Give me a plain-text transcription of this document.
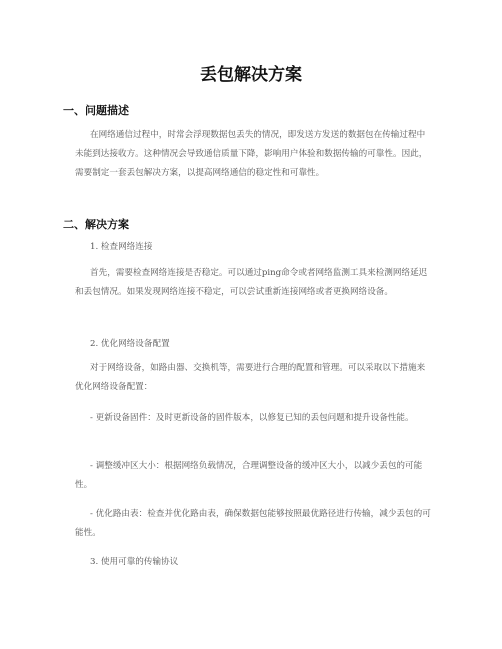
丢包解决方案
一、问题描述

在网络通信过程中，时常会浮现数据包丢失的情况，即发送方发送的数据包在传输过程中未能到达接收方。这种情况会导致通信质量下降，影响用户体验和数据传输的可靠性。因此，需要制定一套丢包解决方案，以提高网络通信的稳定性和可靠性。

二、解决方案

1. 检查网络连接

首先，需要检查网络连接是否稳定。可以通过ping命令或者网络监测工具来检测网络延迟和丢包情况。如果发现网络连接不稳定，可以尝试重新连接网络或者更换网络设备。

2. 优化网络设备配置

对于网络设备，如路由器、交换机等，需要进行合理的配置和管理。可以采取以下措施来优化网络设备配置：

- 更新设备固件：及时更新设备的固件版本，以修复已知的丢包问题和提升设备性能。

- 调整缓冲区大小：根据网络负载情况，合理调整设备的缓冲区大小，以减少丢包的可能性。

- 优化路由表：检查并优化路由表，确保数据包能够按照最优路径进行传输，减少丢包的可能性。

3. 使用可靠的传输协议
